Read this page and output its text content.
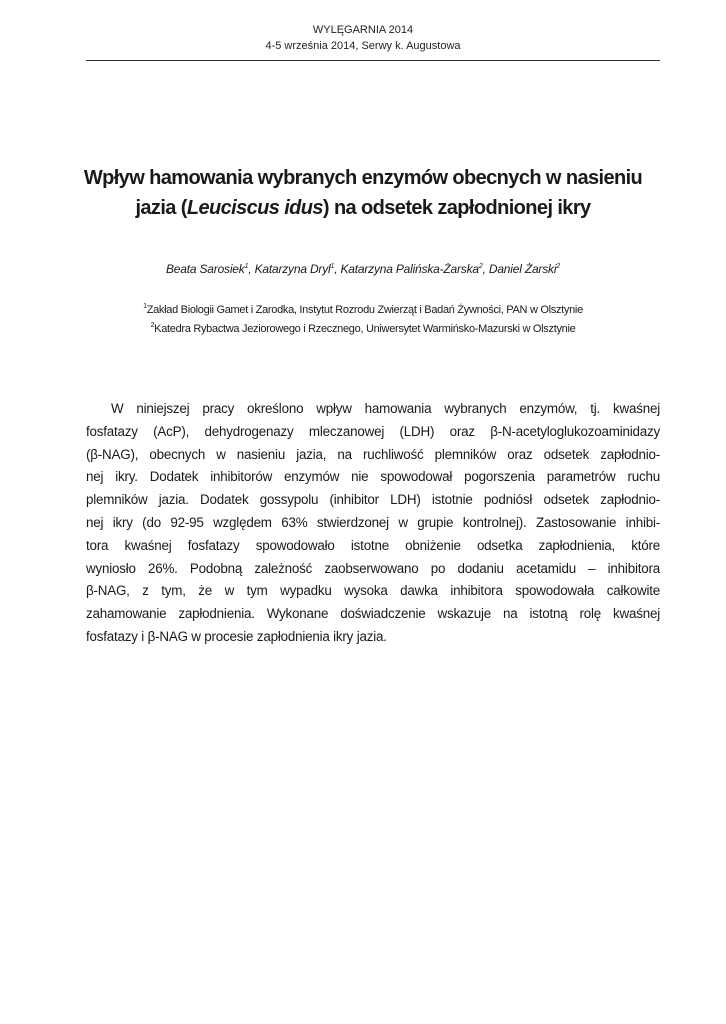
WYLĘGARNIA 2014
4-5 września 2014, Serwy k. Augustowa
Wpływ hamowania wybranych enzymów obecnych w nasieniu
jazia (Leuciscus idus) na odsetek zapłodnionej ikry
Beata Sarosiek$^1$, Katarzyna Dryl$^1$, Katarzyna Palińska-Żarska$^2$, Daniel Żarski$^2$
$^1$Zakład Biologii Gamet i Zarodka, Instytut Rozrodu Zwierząt i Badań Żywności, PAN w Olsztynie
$^2$Katedra Rybactwa Jeziorowego i Rzecznego, Uniwersytet Warmińsko-Mazurski w Olsztynie
W niniejszej pracy określono wpływ hamowania wybranych enzymów, tj. kwaśnej
fosfatazy (AcP), dehydrogenazy mleczanowej (LDH) oraz β-N-acetyloglukozoaminidazy
(β-NAG), obecnych w nasieniu jazia, na ruchliwość plemników oraz odsetek zapłodnio-
nej ikry. Dodatek inhibitorów enzymów nie spowodował pogorszenia parametrów ruchu
plemników jazia. Dodatek gossypolu (inhibitor LDH) istotnie podniósł odsetek zapłodnio-
nej ikry (do 92-95 względem 63% stwierdzonej w grupie kontrolnej). Zastosowanie inhibi-
tora kwaśnej fosfatazy spowodowało istotne obniżenie odsetka zapłodnienia, które
wyniosło 26%. Podobną zależność zaobserwowano po dodaniu acetamidu – inhibitora
β-NAG, z tym, że w tym wypadku wysoka dawka inhibitora spowodowała całkowite
zahamowanie zapłodnienia. Wykonane doświadczenie wskazuje na istotną rolę kwaśnej
fosfatazy i β-NAG w procesie zapłodnienia ikry jazia.
